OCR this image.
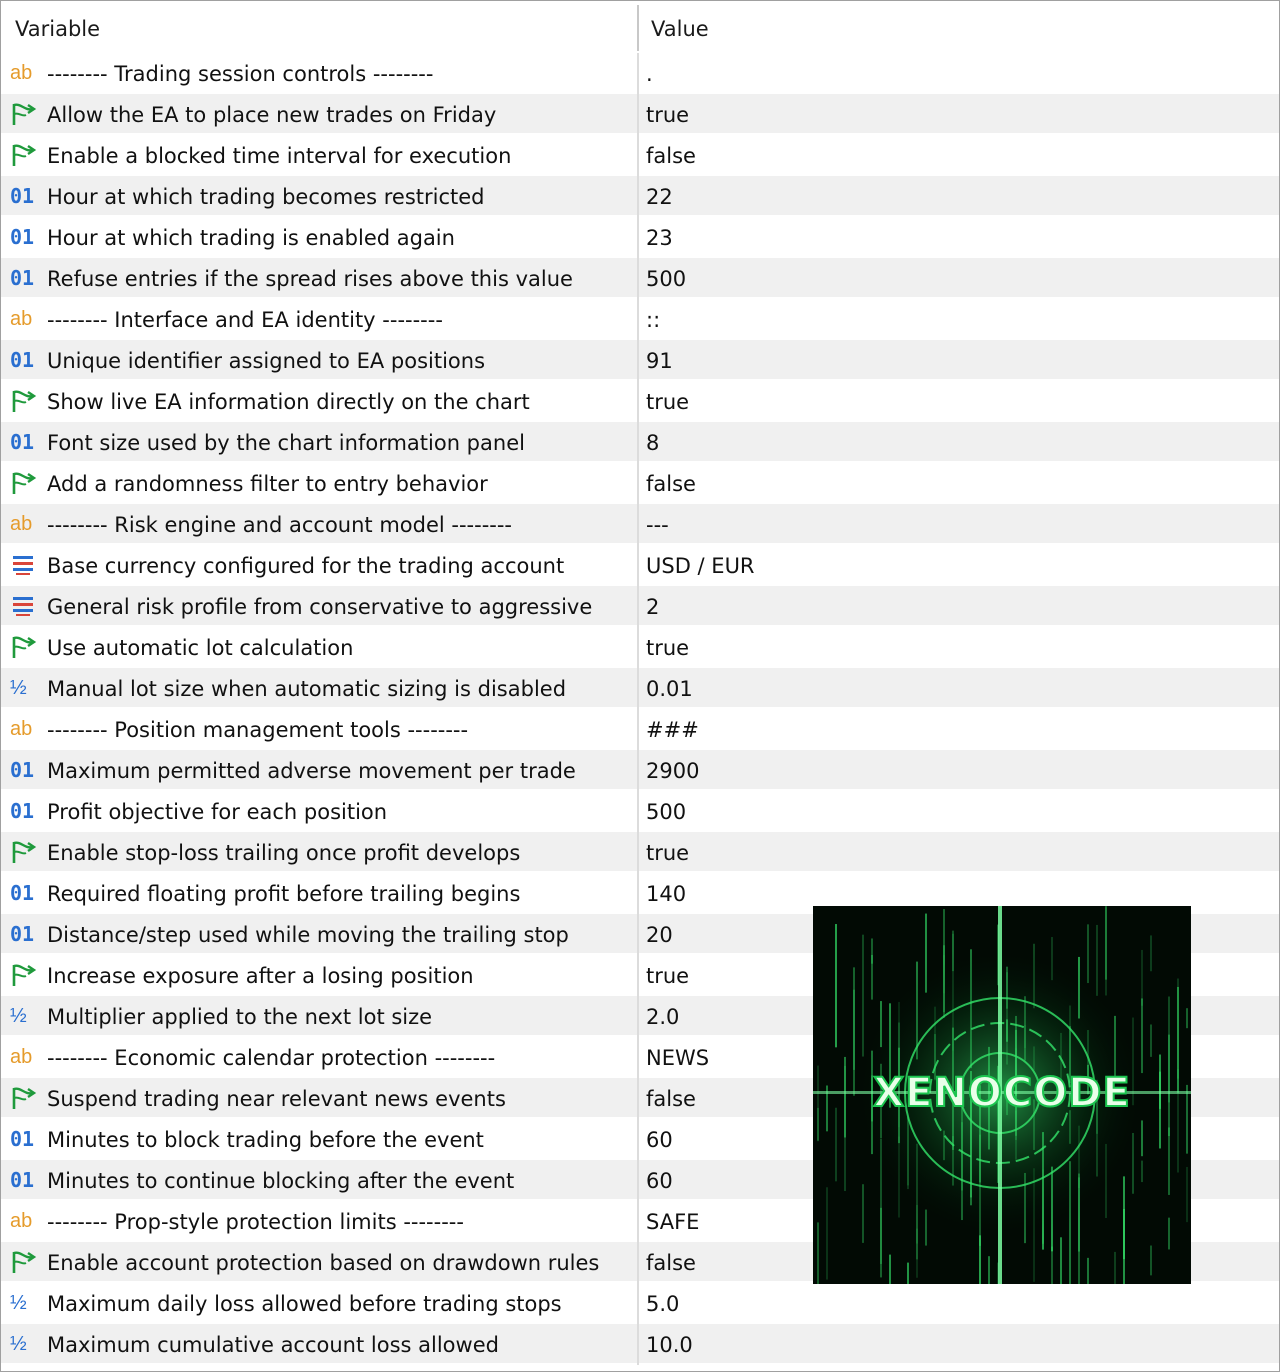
Variable	Value
ab -------- Trading session controls --------	.
Allow the EA to place new trades on Friday	true
Enable a blocked time interval for execution	false
01 Hour at which trading becomes restricted	22
01 Hour at which trading is enabled again	23
01 Refuse entries if the spread rises above this value	500
ab -------- Interface and EA identity --------	::
01 Unique identifier assigned to EA positions	91
Show live EA information directly on the chart	true
01 Font size used by the chart information panel	8
Add a randomness filter to entry behavior	false
ab -------- Risk engine and account model --------	---
Base currency configured for the trading account	USD / EUR
General risk profile from conservative to aggressive	2
Use automatic lot calculation	true
½ Manual lot size when automatic sizing is disabled	0.01
ab -------- Position management tools --------	###
01 Maximum permitted adverse movement per trade	2900
01 Profit objective for each position	500
Enable stop-loss trailing once profit develops	true
01 Required floating profit before trailing begins	140
01 Distance/step used while moving the trailing stop	20
Increase exposure after a losing position	true
½ Multiplier applied to the next lot size	2.0
ab -------- Economic calendar protection --------	NEWS
Suspend trading near relevant news events	false
01 Minutes to block trading before the event	60
01 Minutes to continue blocking after the event	60
ab -------- Prop-style protection limits --------	SAFE
Enable account protection based on drawdown rules false
½ Maximum daily loss allowed before trading stops	5.0
½ Maximum cumulative account loss allowed	10.0
XENOCODE
